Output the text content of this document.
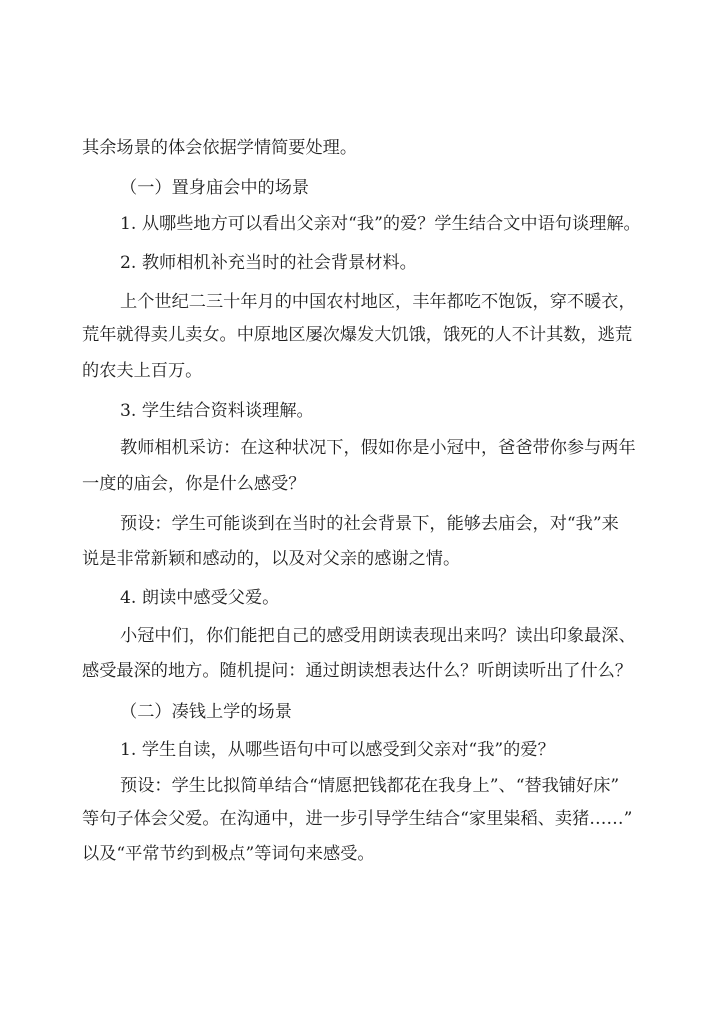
其余场景的体会依据学情简要处理。
（一）置身庙会中的场景
1. 从哪些地方可以看出父亲对“我”的爱？学生结合文中语句谈理解。
2. 教师相机补充当时的社会背景材料。
上个世纪二三十年月的中国农村地区，丰年都吃不饱饭，穿不暖衣，
荒年就得卖儿卖女。中原地区屡次爆发大饥饿，饿死的人不计其数，逃荒
的农夫上百万。
3. 学生结合资料谈理解。
教师相机采访：在这种状况下，假如你是小冠中，爸爸带你参与两年
一度的庙会，你是什么感受？
预设：学生可能谈到在当时的社会背景下，能够去庙会，对“我”来
说是非常新颖和感动的，以及对父亲的感谢之情。
4. 朗读中感受父爱。
小冠中们，你们能把自己的感受用朗读表现出来吗？读出印象最深、
感受最深的地方。随机提问：通过朗读想表达什么？听朗读听出了什么？
（二）凑钱上学的场景
1. 学生自读，从哪些语句中可以感受到父亲对“我”的爱？
预设：学生比拟简单结合“情愿把钱都花在我身上”、“替我铺好床”
等句子体会父爱。在沟通中，进一步引导学生结合“家里粜稻、卖猪……”
以及“平常节约到极点”等词句来感受。
